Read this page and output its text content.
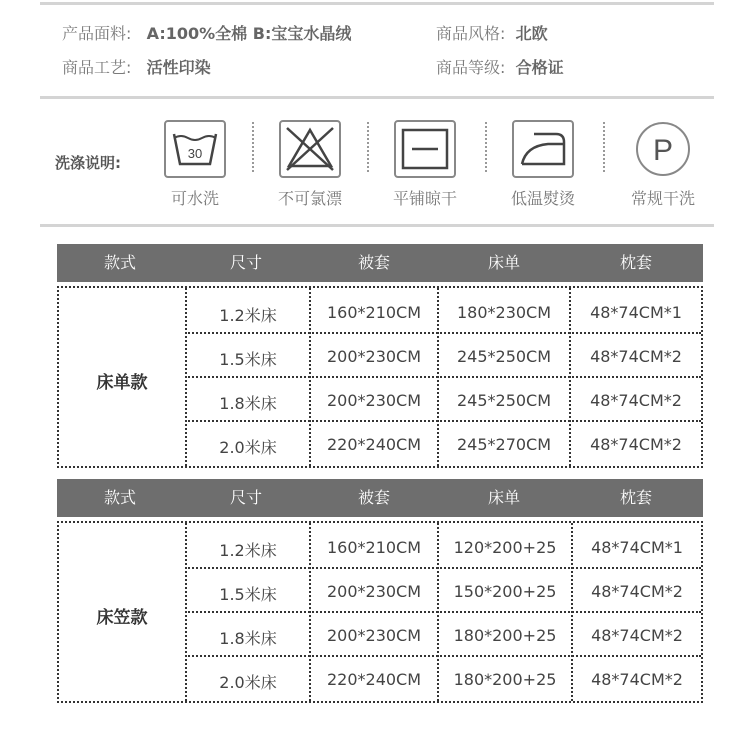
产品面料: A:100%全棉 B:宝宝水晶绒	商品风格: 北欧
商品工艺: 活性印染	商品等级: 合格证
洗涤说明:
30
可水洗	不可氯漂	平铺晾干	低温熨烫
P
常规干洗
款式	尺寸	被套	床单	枕套
床单款
1.2米床	160*210CM	180*230CM	48*74CM*1
1.5米床	200*230CM	245*250CM	48*74CM*2
1.8米床	200*230CM	245*250CM	48*74CM*2
2.0米床	220*240CM	245*270CM	48*74CM*2
款式	尺寸	被套	床单	枕套
床笠款
1.2米床	160*210CM	120*200+25	48*74CM*1
1.5米床	200*230CM	150*200+25	48*74CM*2
1.8米床	200*230CM	180*200+25	48*74CM*2
2.0米床	220*240CM	180*200+25	48*74CM*2
